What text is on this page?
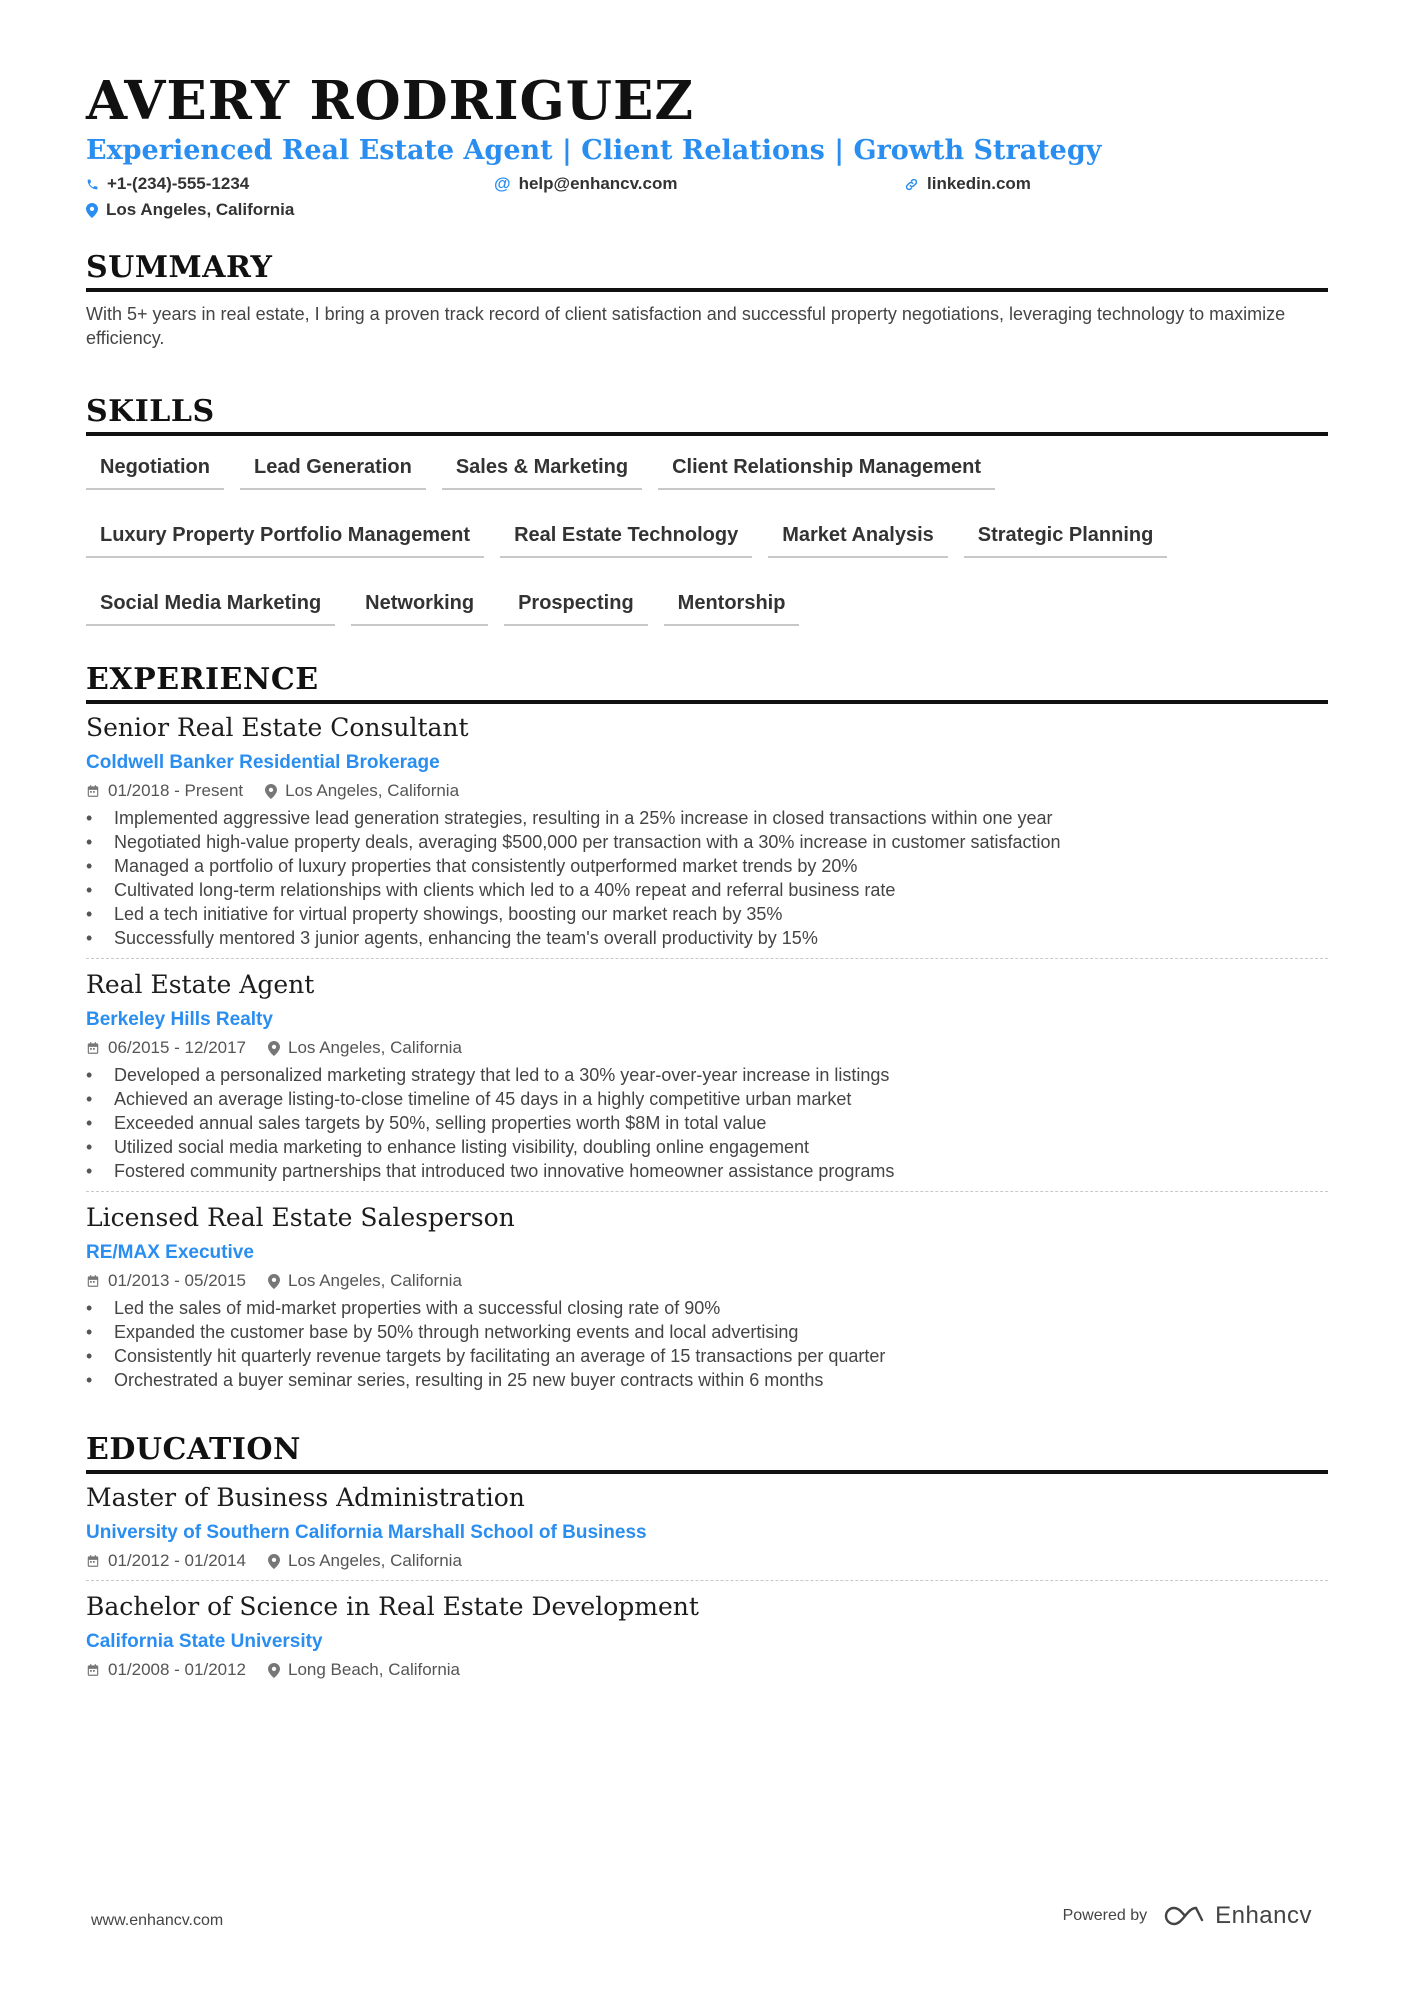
AVERY RODRIGUEZ
Experienced Real Estate Agent | Client Relations | Growth Strategy
+1-(234)-555-1234	@ help@enhancv.com	linkedin.com
Los Angeles, California
SUMMARY
With 5+ years in real estate, I bring a proven track record of client satisfaction and successful property negotiations, leveraging technology to maximize efficiency.
SKILLS
Negotiation	Lead Generation	Sales & Marketing	Client Relationship Management
Luxury Property Portfolio Management	Real Estate Technology	Market Analysis	Strategic Planning
Social Media Marketing	Networking	Prospecting	Mentorship
EXPERIENCE
Senior Real Estate Consultant
Coldwell Banker Residential Brokerage
01/2018 - Present Los Angeles, California
• Implemented aggressive lead generation strategies, resulting in a 25% increase in closed transactions within one year
• Negotiated high-value property deals, averaging $500,000 per transaction with a 30% increase in customer satisfaction
• Managed a portfolio of luxury properties that consistently outperformed market trends by 20%
• Cultivated long-term relationships with clients which led to a 40% repeat and referral business rate
• Led a tech initiative for virtual property showings, boosting our market reach by 35%
• Successfully mentored 3 junior agents, enhancing the team's overall productivity by 15%
Real Estate Agent
Berkeley Hills Realty
06/2015 - 12/2017 Los Angeles, California
• Developed a personalized marketing strategy that led to a 30% year-over-year increase in listings
• Achieved an average listing-to-close timeline of 45 days in a highly competitive urban market
• Exceeded annual sales targets by 50%, selling properties worth $8M in total value
• Utilized social media marketing to enhance listing visibility, doubling online engagement
• Fostered community partnerships that introduced two innovative homeowner assistance programs
Licensed Real Estate Salesperson
RE/MAX Executive
01/2013 - 05/2015 Los Angeles, California
• Led the sales of mid-market properties with a successful closing rate of 90%
• Expanded the customer base by 50% through networking events and local advertising
• Consistently hit quarterly revenue targets by facilitating an average of 15 transactions per quarter
• Orchestrated a buyer seminar series, resulting in 25 new buyer contracts within 6 months
EDUCATION
Master of Business Administration
University of Southern California Marshall School of Business
01/2012 - 01/2014 Los Angeles, California
Bachelor of Science in Real Estate Development
California State University
01/2008 - 01/2012 Long Beach, California
www.enhancv.com	Powered by	Enhancv
